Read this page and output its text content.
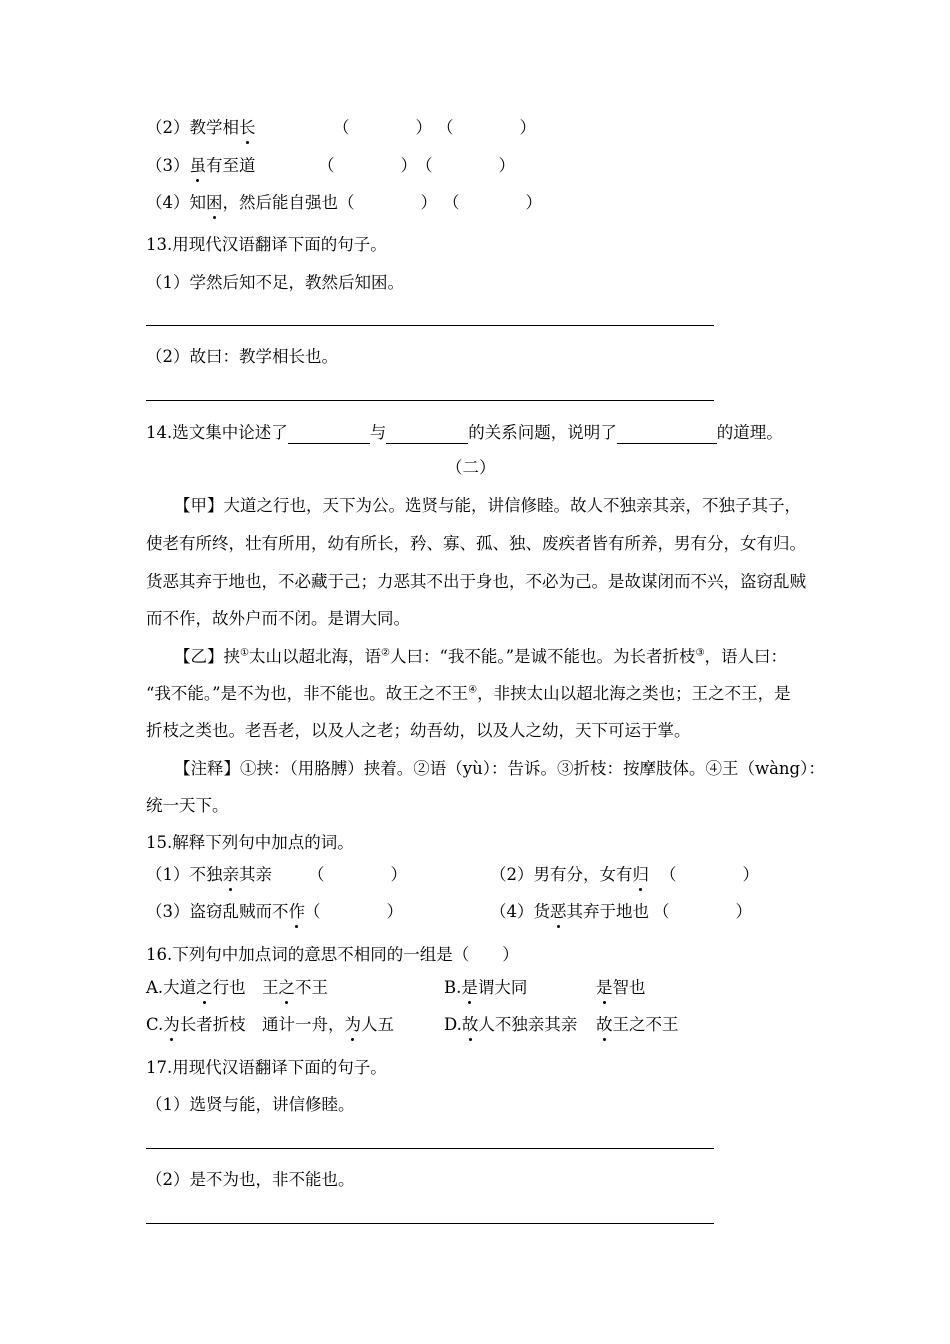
（2）教学相长	（　　　　） （　　　　）
（3）虽有至道	（　　　　） （　　　　）
（4）知困，然后能自强也 （　　　　） （　　　　）
13.用现代汉语翻译下面的句子。
（1）学然后知不足，教然后知困。
（2）故曰：教学相长也。
14.选文集中论述了	与	的关系问题，说明了	的道理。
（二）
【甲】大道之行也，天下为公。选贤与能，讲信修睦。故人不独亲其亲，不独子其子，
使老有所终，壮有所用，幼有所长，矜、寡、孤、独、废疾者皆有所养，男有分，女有归。
货恶其弃于地也，不必藏于己；力恶其不出于身也，不必为己。是故谋闭而不兴，盗窃乱贼
而不作，故外户而不闭。是谓大同。
【乙】挟①太山以超北海，语②人曰：“我不能。”是诚不能也。为长者折枝③，语人曰：
“我不能。”是不为也，非不能也。故王之不王④，非挟太山以超北海之类也；王之不王，是
折枝之类也。老吾老，以及人之老；幼吾幼，以及人之幼，天下可运于掌。
【注释】①挟：（用胳膊）挟着。②语（yù）：告诉。③折枝：按摩肢体。④王（wàng）：
统一天下。
15.解释下列句中加点的词。
（1）不独亲其亲 （　　　　）	（2）男有分，女有归 （　　　　）
（3）盗窃乱贼而不作 （　　　　）	（4）货恶其弃于地也 （　　　　）
16.下列句中加点词的意思不相同的一组是（　　）
A.大道之行也 王之不王	B.是谓大同	是智也
C.为长者折枝 通计一舟，为人五	D.故人不独亲其亲 故王之不王
17.用现代汉语翻译下面的句子。
（1）选贤与能，讲信修睦。
（2）是不为也，非不能也。
